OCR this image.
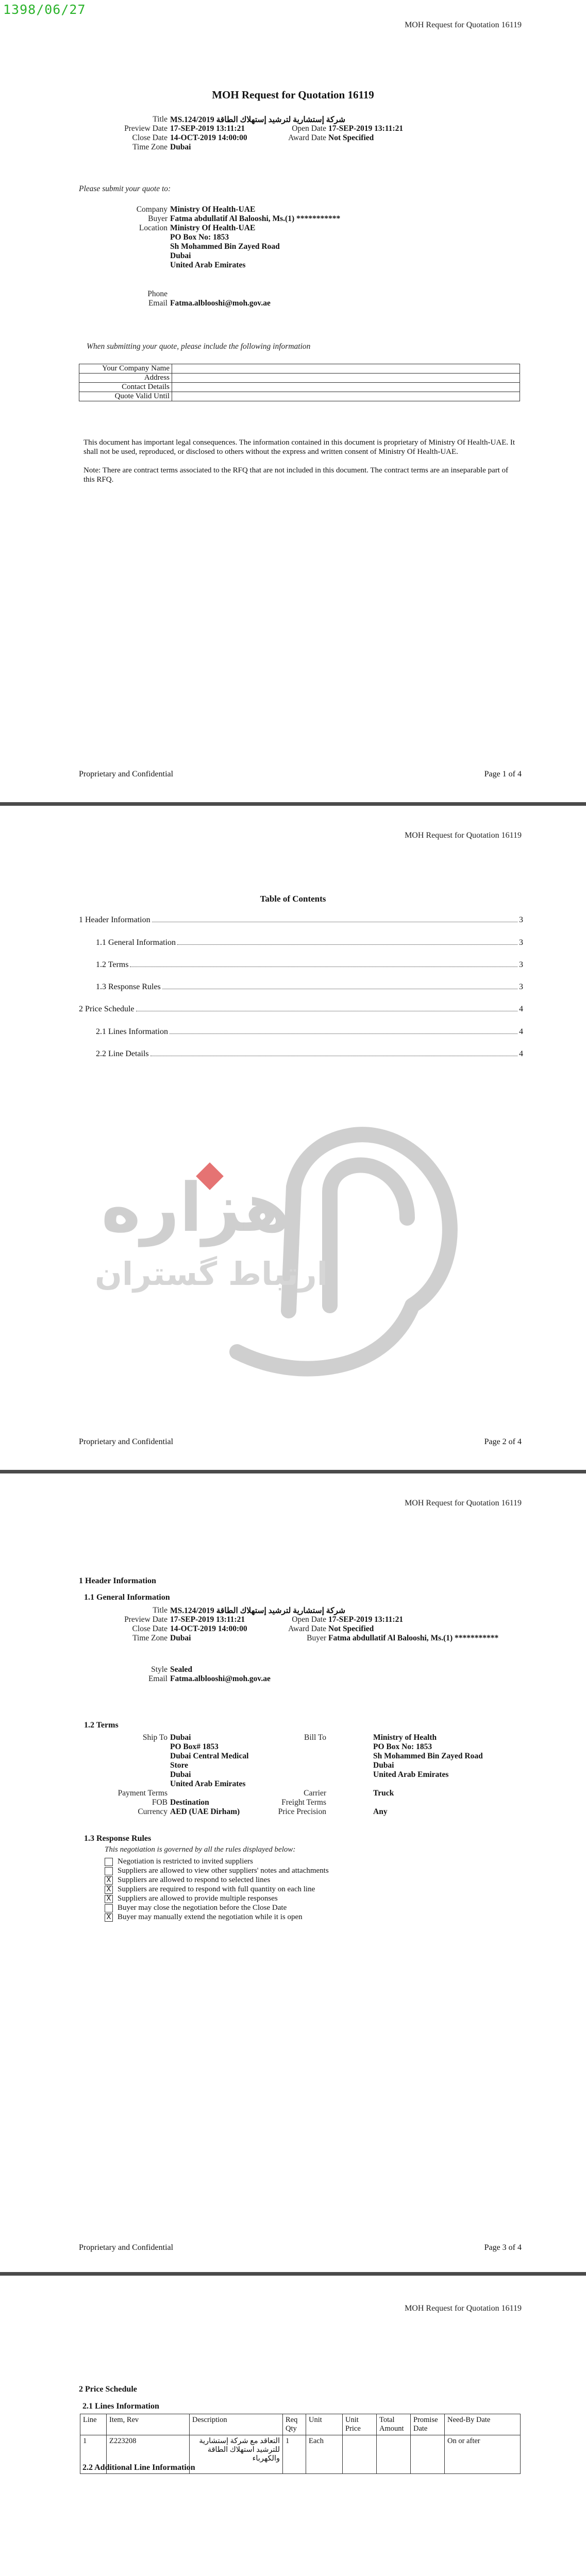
1398/06/27
MOH Request for Quotation 16119
MOH Request for Quotation 16119
Title MS.124/2019 شركة إستشارية لترشيد إستهلاك الطاقة
Preview Date 17-SEP-2019 13:11:21	Open Date 17-SEP-2019 13:11:21
Close Date 14-OCT-2019 14:00:00	Award Date Not Specified
Time Zone Dubai
Please submit your quote to:
Company Ministry Of Health-UAE
Buyer Fatma abdullatif Al Balooshi, Ms.(1) ***********
Location Ministry Of Health-UAE
PO Box No: 1853
Sh Mohammed Bin Zayed Road
Dubai
United Arab Emirates
Phone
Email Fatma.alblooshi@moh.gov.ae
When submitting your quote, please include the following information
Your Company Name	
Address	
Contact Details	
Quote Valid Until	
This document has important legal consequences. The information contained in this document is proprietary of Ministry Of Health-UAE. It shall not be used, reproduced, or disclosed to others without the express and written consent of Ministry Of Health-UAE.
Note: There are contract terms associated to the RFQ that are not included in this document. The contract terms are an inseparable part of this RFQ.
Proprietary and Confidential	Page 1 of 4
MOH Request for Quotation 16119
Table of Contents
1 Header Information	3
1.1 General Information	3
1.2 Terms	3
1.3 Response Rules	3
2 Price Schedule	4
2.1 Lines Information	4
2.2 Line Details	4
هزاره
ارتباط گستران
Proprietary and Confidential	Page 2 of 4
MOH Request for Quotation 16119
1 Header Information
1.1 General Information
Title MS.124/2019 شركة إستشارية لترشيد إستهلاك الطاقة
Preview Date 17-SEP-2019 13:11:21	Open Date 17-SEP-2019 13:11:21
Close Date 14-OCT-2019 14:00:00	Award Date Not Specified
Time Zone Dubai	Buyer Fatma abdullatif Al Balooshi, Ms.(1) ***********
Style Sealed
Email Fatma.alblooshi@moh.gov.ae
1.2 Terms
Ship To Dubai
PO Box# 1853
Dubai Central Medical Store
Dubai
United Arab Emirates
Bill To	Ministry of Health
PO Box No: 1853
Sh Mohammed Bin Zayed Road
Dubai
United Arab Emirates
Payment Terms	Carrier	Truck
FOB Destination	Freight Terms
Currency AED (UAE Dirham)	Price Precision	Any
1.3 Response Rules
This negotiation is governed by all the rules displayed below:
Negotiation is restricted to invited suppliers
Suppliers are allowed to view other suppliers' notes and attachments
X Suppliers are allowed to respond to selected lines
X Suppliers are required to respond with full quantity on each line
X Suppliers are allowed to provide multiple responses
Buyer may close the negotiation before the Close Date
X Buyer may manually extend the negotiation while it is open
Proprietary and Confidential	Page 3 of 4
MOH Request for Quotation 16119
2 Price Schedule
2.1 Lines Information
Line	Item, Rev	Description	Req Qty	Unit	Unit Price	Total Amount	Promise Date	Need-By Date
1	Z223208	التعاقد مع شركة إستشارية للترشيد استهلاك الطاقة والكهرباء	1	Each				On or after
2.2 Additional Line Information
